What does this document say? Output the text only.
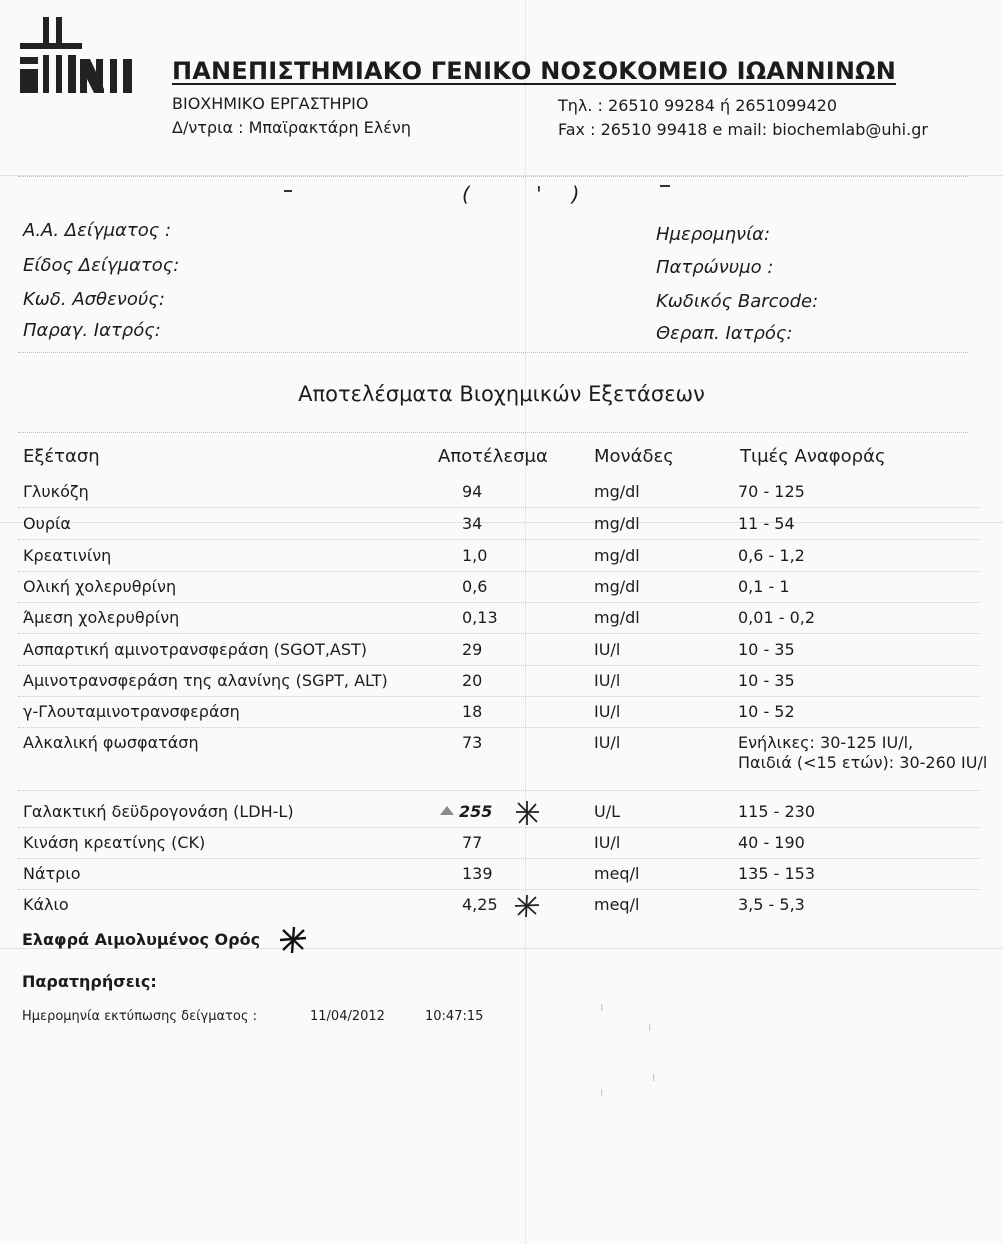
ΠΑΝΕΠΙΣΤΗΜΙΑΚΟ ΓΕΝΙΚΟ ΝΟΣΟΚΟΜΕΙΟ ΙΩΑΝΝΙΝΩΝ
ΒΙΟΧΗΜΙΚΟ ΕΡΓΑΣΤΗΡΙΟ
Δ/ντρια : Μπαϊρακτάρη Ελένη
Τηλ. : 26510 99284 ή 2651099420
Fax : 26510 99418 e mail: biochemlab@uhi.gr
( ')
Α.Α. Δείγματος :
Είδος Δείγματος:
Κωδ. Ασθενούς:
Παραγ. Ιατρός:
Ημερομηνία:
Πατρώνυμο :
Κωδικός Barcode:
Θεραπ. Ιατρός:
Αποτελέσματα Βιοχημικών Εξετάσεων
Εξέταση	Αποτέλεσμα	Μονάδες	Τιμές Αναφοράς
Γλυκόζη	94	mg/dl	70 - 125
Ουρία	34	mg/dl	11 - 54
Κρεατινίνη	1,0	mg/dl	0,6 - 1,2
Ολική χολερυθρίνη	0,6	mg/dl	0,1 - 1
Άμεση χολερυθρίνη	0,13	mg/dl	0,01 - 0,2
Ασπαρτική αμινοτρανσφεράση (SGOT,AST)	29	IU/l	10 - 35
Αμινοτρανσφεράση της αλανίνης (SGPT, ALT)	20	IU/l	10 - 35
γ-Γλουταμινοτρανσφεράση	18	IU/l	10 - 52
Αλκαλική φωσφατάση	73	IU/l	Ενήλικες: 30-125 IU/l,
Παιδιά (<15 ετών): 30-260 IU/l
Γαλακτική δεϋδρογονάση (LDH-L)	255	U/L	115 - 230
Κινάση κρεατίνης (CK)	77	IU/l	40 - 190
Νάτριο	139	meq/l	135 - 153
Κάλιο	4,25	meq/l	3,5 - 5,3
Ελαφρά Αιμολυμένος Ορός
Παρατηρήσεις:
Ημερομηνία εκτύπωσης δείγματος :	11/04/2012	10:47:15
ı
ı
ı
ı
